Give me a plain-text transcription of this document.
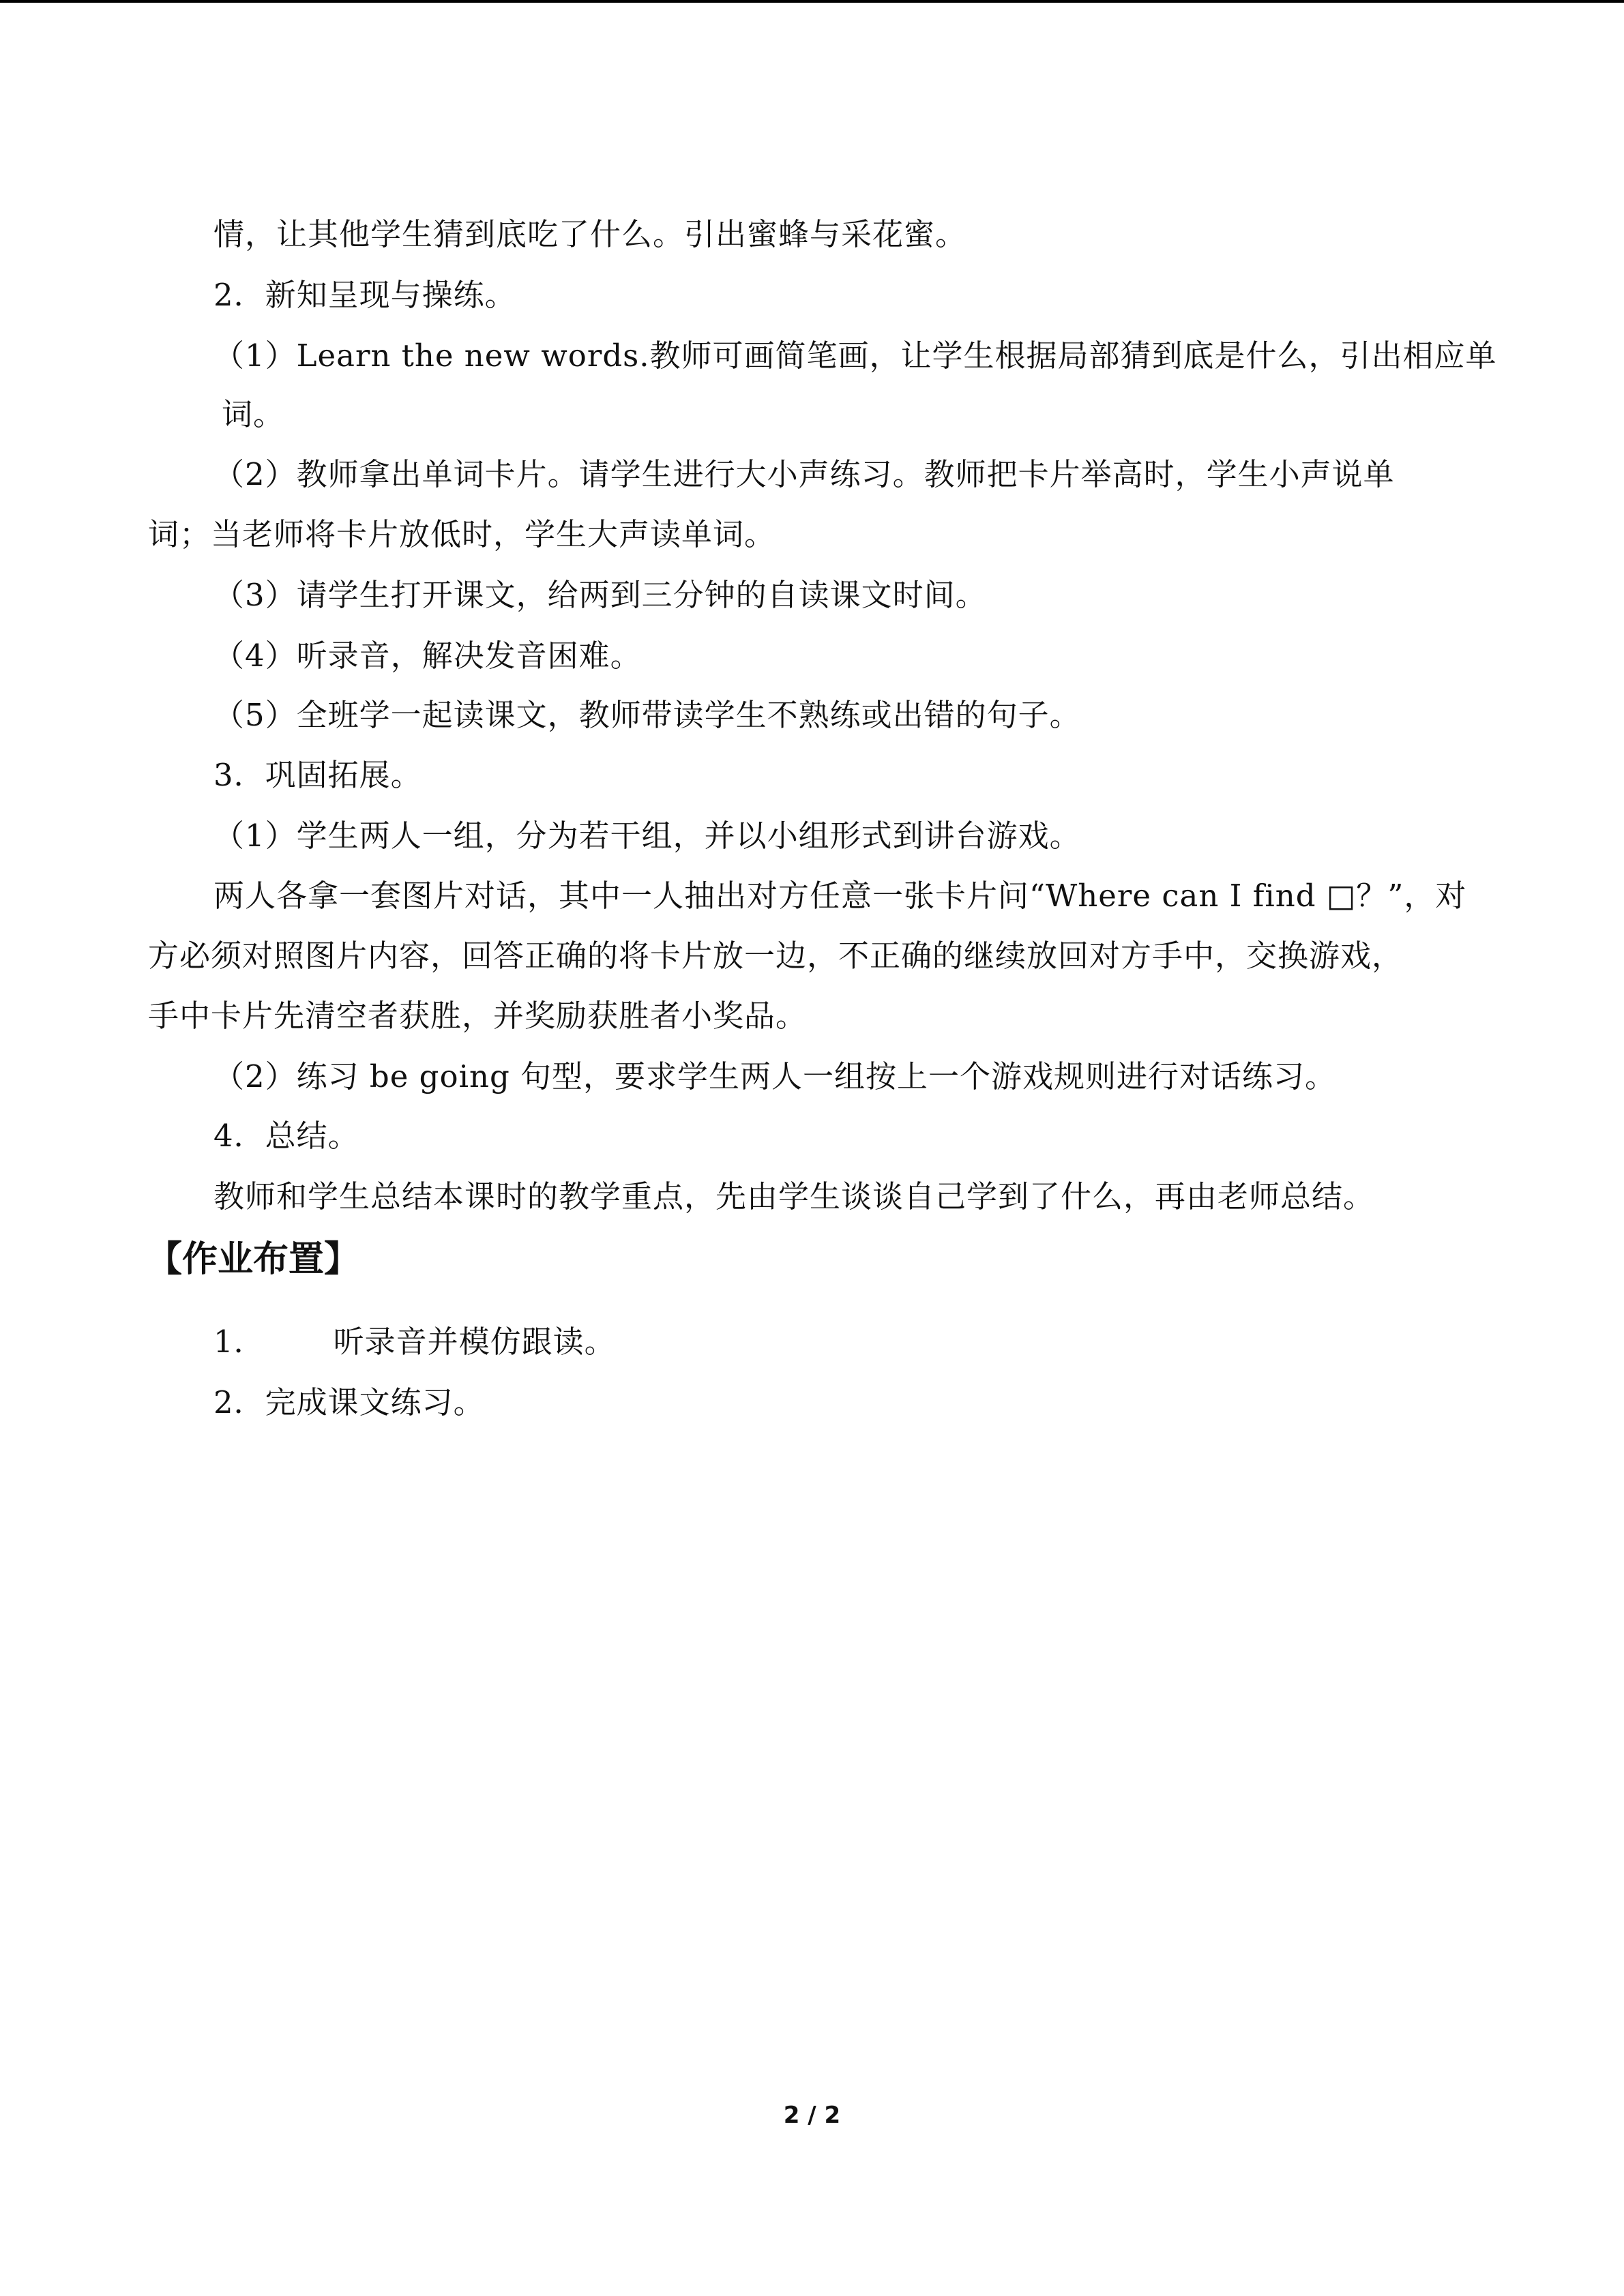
情，让其他学生猜到底吃了什么。引出蜜蜂与采花蜜。
2．新知呈现与操练。
（1）Learn the new words.教师可画简笔画，让学生根据局部猜到底是什么，引出相应单
词。
（2）教师拿出单词卡片。请学生进行大小声练习。教师把卡片举高时，学生小声说单
词；当老师将卡片放低时，学生大声读单词。
（3）请学生打开课文，给两到三分钟的自读课文时间。
（4）听录音，解决发音困难。
（5）全班学一起读课文，教师带读学生不熟练或出错的句子。
3．巩固拓展。
（1）学生两人一组，分为若干组，并以小组形式到讲台游戏。
两人各拿一套图片对话，其中一人抽出对方任意一张卡片问“Where can I find □？”，对
方必须对照图片内容，回答正确的将卡片放一边，不正确的继续放回对方手中，交换游戏，
手中卡片先清空者获胜，并奖励获胜者小奖品。
（2）练习 be going 句型，要求学生两人一组按上一个游戏规则进行对话练习。
4．总结。
教师和学生总结本课时的教学重点，先由学生谈谈自己学到了什么，再由老师总结。
【作业布置】
1． 听录音并模仿跟读。
2．完成课文练习。
2 / 2
